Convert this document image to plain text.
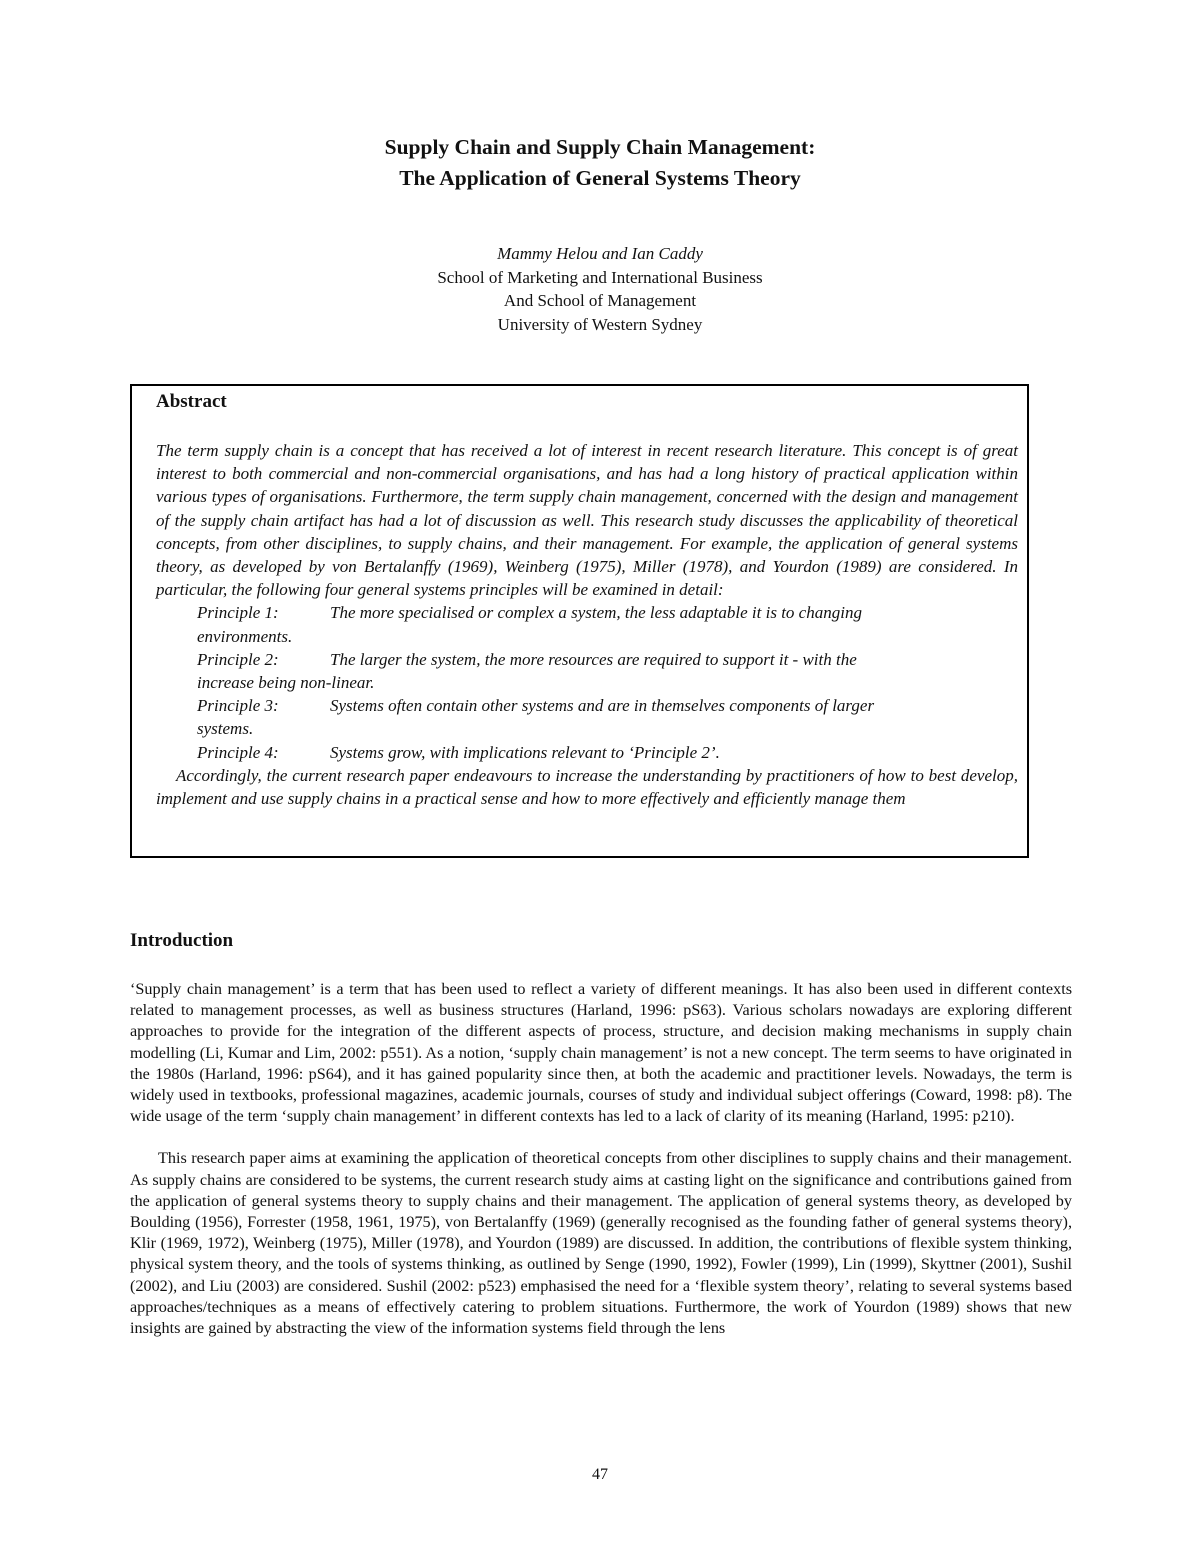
Supply Chain and Supply Chain Management:
The Application of General Systems Theory
Mammy Helou and Ian Caddy
School of Marketing and International Business
And School of Management
University of Western Sydney
Abstract

The term supply chain is a concept that has received a lot of interest in recent research literature. This concept is of great interest to both commercial and non-commercial organisations, and has had a long history of practical application within various types of organisations. Furthermore, the term supply chain management, concerned with the design and management of the supply chain artifact has had a lot of discussion as well. This research study discusses the applicability of theoretical concepts, from other disciplines, to supply chains, and their management. For example, the application of general systems theory, as developed by von Bertalanffy (1969), Weinberg (1975), Miller (1978), and Yourdon (1989) are considered. In particular, the following four general systems principles will be examined in detail:

Principle 1:	The more specialised or complex a system, the less adaptable it is to changing
environments.
Principle 2:	The larger the system, the more resources are required to support it - with the
increase being non-linear.
Principle 3:	Systems often contain other systems and are in themselves components of larger
systems.
Principle 4:	Systems grow, with implications relevant to ‘Principle 2’.

Accordingly, the current research paper endeavours to increase the understanding by practitioners of how to best develop, implement and use supply chains in a practical sense and how to more effectively and efficiently manage them

Introduction

‘Supply chain management’ is a term that has been used to reflect a variety of different meanings. It has also been used in different contexts related to management processes, as well as business structures (Harland, 1996: pS63). Various scholars nowadays are exploring different approaches to provide for the integration of the different aspects of process, structure, and decision making mechanisms in supply chain modelling (Li, Kumar and Lim, 2002: p551). As a notion, ‘supply chain management’ is not a new concept. The term seems to have originated in the 1980s (Harland, 1996: pS64), and it has gained popularity since then, at both the academic and practitioner levels. Nowadays, the term is widely used in textbooks, professional magazines, academic journals, courses of study and individual subject offerings (Coward, 1998: p8). The wide usage of the term ‘supply chain management’ in different contexts has led to a lack of clarity of its meaning (Harland, 1995: p210).

This research paper aims at examining the application of theoretical concepts from other disciplines to supply chains and their management. As supply chains are considered to be systems, the current research study aims at casting light on the significance and contributions gained from the application of general systems theory to supply chains and their management. The application of general systems theory, as developed by Boulding (1956), Forrester (1958, 1961, 1975), von Bertalanffy (1969) (generally recognised as the founding father of general systems theory), Klir (1969, 1972), Weinberg (1975), Miller (1978), and Yourdon (1989) are discussed. In addition, the contributions of flexible system thinking, physical system theory, and the tools of systems thinking, as outlined by Senge (1990, 1992), Fowler (1999), Lin (1999), Skyttner (2001), Sushil (2002), and Liu (2003) are considered. Sushil (2002: p523) emphasised the need for a ‘flexible system theory’, relating to several systems based approaches/techniques as a means of effectively catering to problem situations. Furthermore, the work of Yourdon (1989) shows that new insights are gained by abstracting the view of the information systems field through the lens

47
